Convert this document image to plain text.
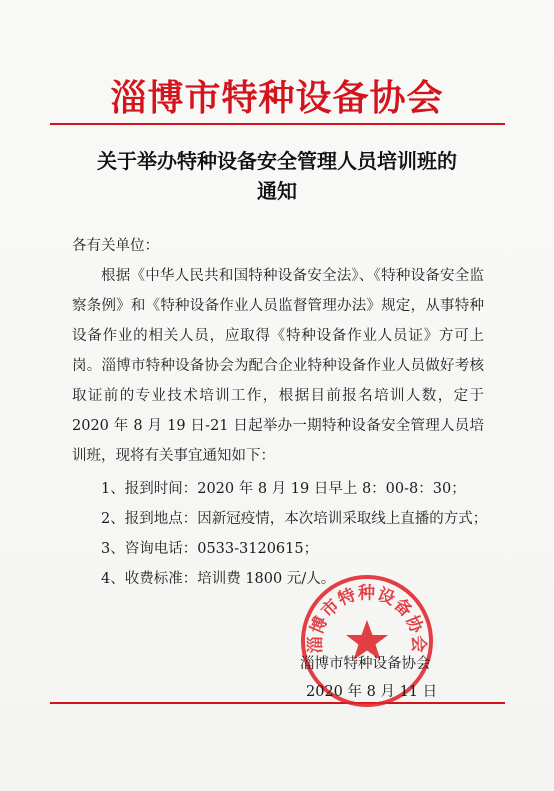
淄博市特种设备协会
关于举办特种设备安全管理人员培训班的
通知
各有关单位：
根据《中华人民共和国特种设备安全法》、《特种设备安全监察条例》和《特种设备作业人员监督管理办法》规定，从事特种设备作业的相关人员，应取得《特种设备作业人员证》方可上岗。淄博市特种设备协会为配合企业特种设备作业人员做好考核取证前的专业技术培训工作，根据目前报名培训人数，定于 2020 年 8 月 19 日-21 日起举办一期特种设备安全管理人员培训班，现将有关事宜通知如下：
1、报到时间：2020 年 8 月 19 日早上 8：00-8：30；
2、报到地点：因新冠疫情，本次培训采取线上直播的方式；
3、咨询电话：0533-3120615；
4、收费标准：培训费 1800 元/人。
淄博市特种设备协会
淄博市特种设备协会
2020 年 8 月 11 日
